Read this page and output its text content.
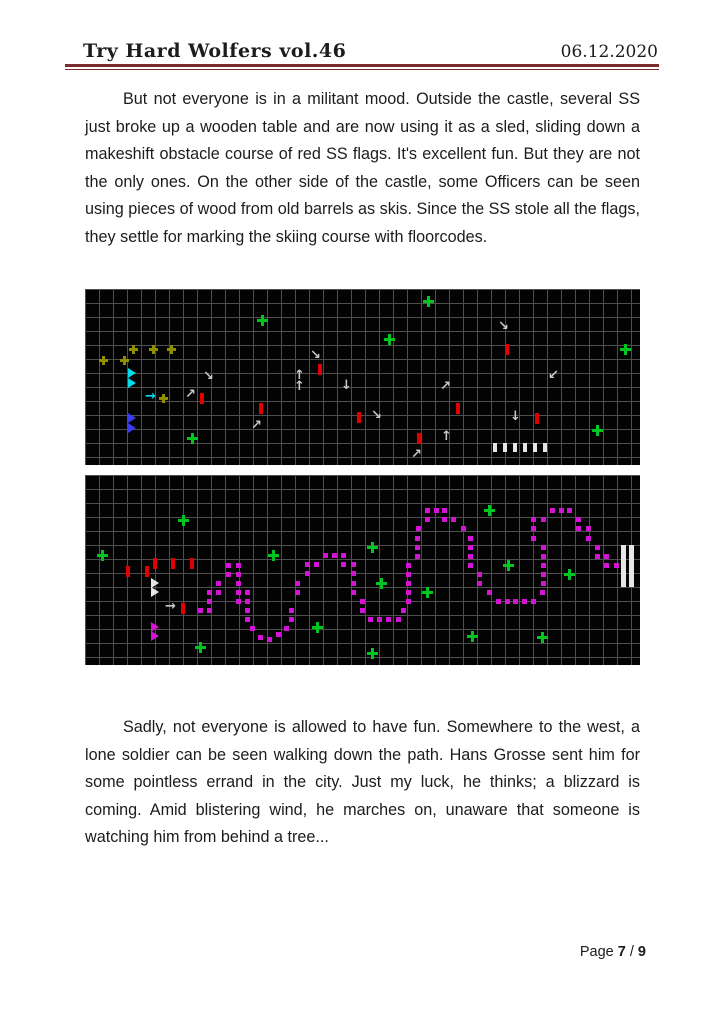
Try Hard Wolfers vol.46	06.12.2020

But not everyone is in a militant mood. Outside the castle, several SS just broke up a wooden table and are now using it as a sled, sliding down a makeshift obstacle course of red SS flags. It's excellent fun. But they are not the only ones. On the other side of the castle, some Officers can be seen using pieces of wood from old barrels as skis. Since the SS stole all the flags, they settle for marking the skiing course with floorcodes.

→
↘
↘
↘
↘
↗
↗
↗
↗
↙
↓
↓
↑
↑
↑
→

Sadly, not everyone is allowed to have fun. Somewhere to the west, a lone soldier can be seen walking down the path. Hans Grosse sent him for some pointless errand in the city. Just my luck, he thinks; a blizzard is coming. Amid blistering wind, he marches on, unaware that someone is watching him from behind a tree...

Page 7 / 9
